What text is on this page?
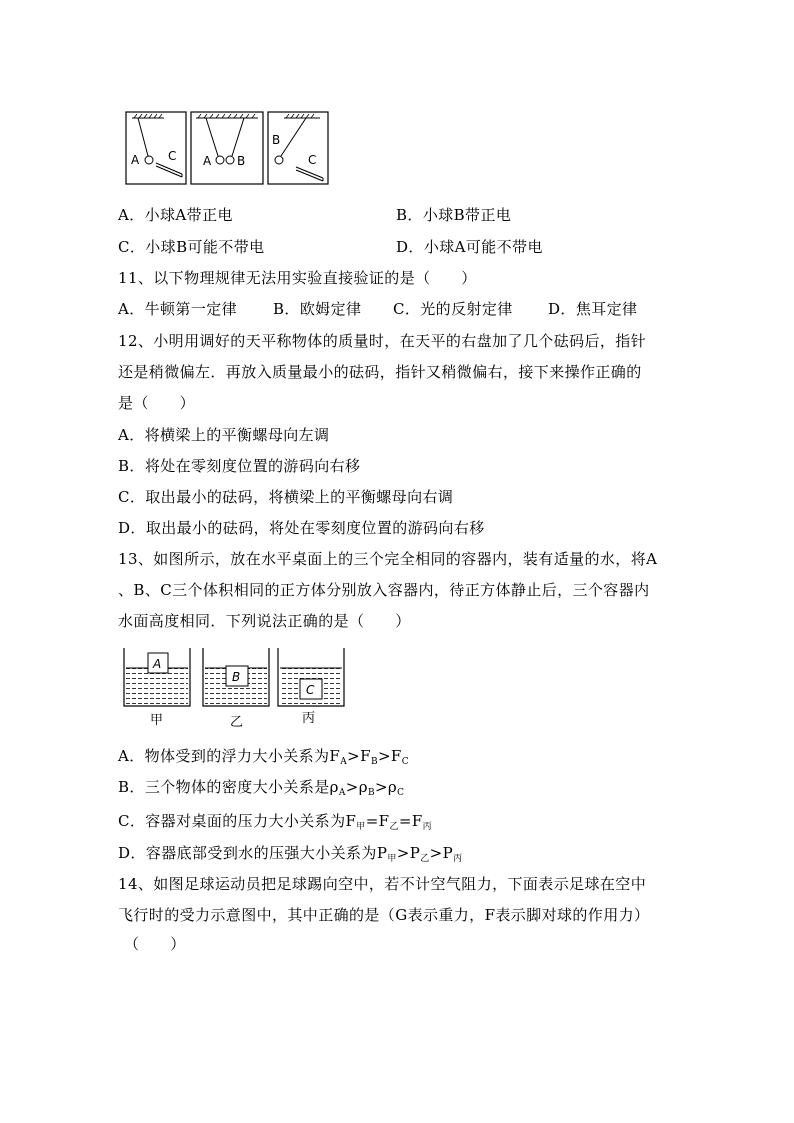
A C A B
B
C
A．小球A带正电	B．小球B带正电
C．小球B可能不带电	D．小球A可能不带电
11、以下物理规律无法用实验直接验证的是（　　）
A．牛顿第一定律 B．欧姆定律 C．光的反射定律 D．焦耳定律
12、小明用调好的天平称物体的质量时，在天平的右盘加了几个砝码后，指针
还是稍微偏左．再放入质量最小的砝码，指针又稍微偏右，接下来操作正确的
是（　　）
A．将横梁上的平衡螺母向左调
B．将处在零刻度位置的游码向右移
C．取出最小的砝码，将横梁上的平衡螺母向右调
D．取出最小的砝码，将处在零刻度位置的游码向右移
13、如图所示，放在水平桌面上的三个完全相同的容器内，装有适量的水，将A
、B、C三个体积相同的正方体分别放入容器内，待正方体静止后，三个容器内
水面高度相同．下列说法正确的是（　　）
A
甲
B
乙
C
丙
A．物体受到的浮力大小关系为$F_A>F_B>F_C$
B．三个物体的密度大小关系是$\rho_A>\rho_B>\rho_C$
C．容器对桌面的压力大小关系为$F_甲=F_乙=F_丙$
D．容器底部受到水的压强大小关系为$P_甲>P_乙>P_丙$
14、如图足球运动员把足球踢向空中，若不计空气阻力，下面表示足球在空中
飞行时的受力示意图中，其中正确的是（G表示重力，F表示脚对球的作用力）
（　　）
